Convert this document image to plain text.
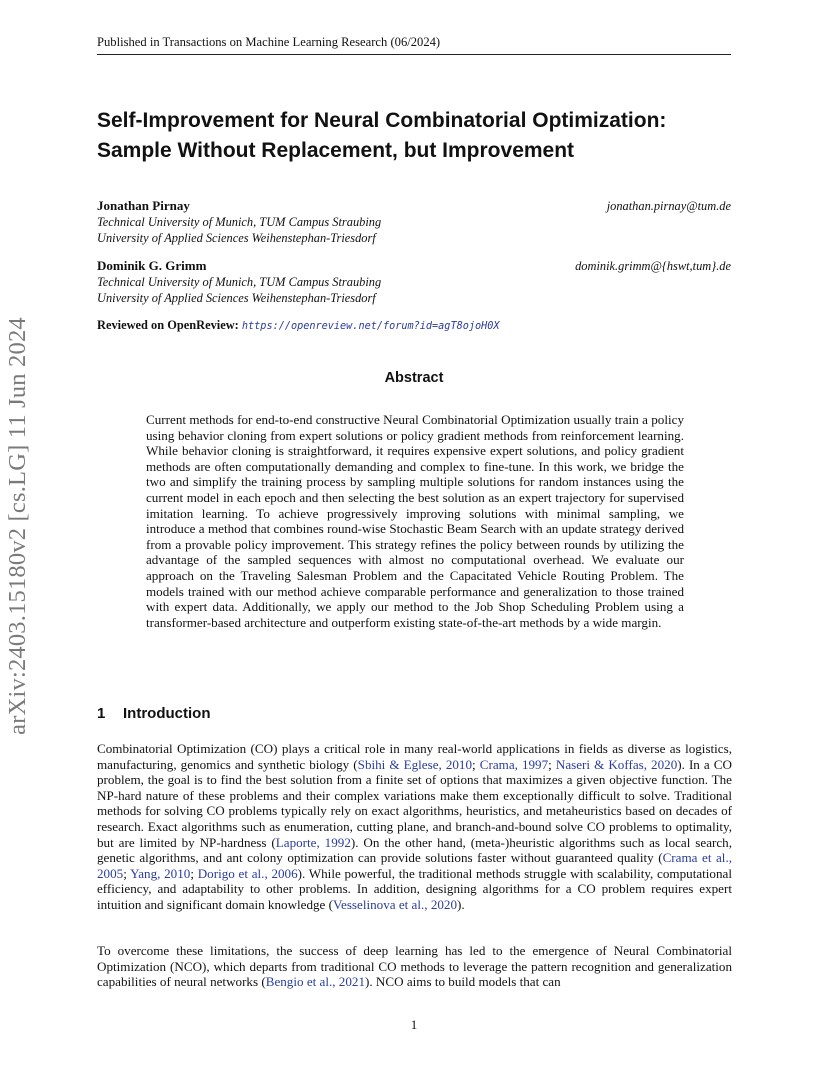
Published in Transactions on Machine Learning Research (06/2024)
arXiv:2403.15180v2 [cs.LG] 11 Jun 2024
Self-Improvement for Neural Combinatorial Optimization:
Sample Without Replacement, but Improvement
Jonathan Pirnay	jonathan.pirnay@tum.de
Technical University of Munich, TUM Campus Straubing
University of Applied Sciences Weihenstephan-Triesdorf
Dominik G. Grimm	dominik.grimm@{hswt,tum}.de
Technical University of Munich, TUM Campus Straubing
University of Applied Sciences Weihenstephan-Triesdorf
Reviewed on OpenReview: https://openreview.net/forum?id=agT8ojoH0X
Abstract
Current methods for end-to-end constructive Neural Combinatorial Optimization usually train a policy using behavior cloning from expert solutions or policy gradient methods from reinforcement learning. While behavior cloning is straightforward, it requires expensive expert solutions, and policy gradient methods are often computationally demanding and complex to fine-tune. In this work, we bridge the two and simplify the training process by sampling multiple solutions for random instances using the current model in each epoch and then selecting the best solution as an expert trajectory for supervised imitation learning. To achieve progressively improving solutions with minimal sampling, we introduce a method that combines round-wise Stochastic Beam Search with an update strategy derived from a provable policy improvement. This strategy refines the policy between rounds by utilizing the advantage of the sampled sequences with almost no computational overhead. We evaluate our approach on the Traveling Salesman Problem and the Capacitated Vehicle Routing Problem. The models trained with our method achieve comparable performance and generalization to those trained with expert data. Additionally, we apply our method to the Job Shop Scheduling Problem using a transformer-based architecture and outperform existing state-of-the-art methods by a wide margin.
1 Introduction
Combinatorial Optimization (CO) plays a critical role in many real-world applications in fields as diverse as logistics, manufacturing, genomics and synthetic biology (Sbihi & Eglese, 2010; Crama, 1997; Naseri & Koffas, 2020). In a CO problem, the goal is to find the best solution from a finite set of options that maximizes a given objective function. The NP-hard nature of these problems and their complex variations make them exceptionally difficult to solve. Traditional methods for solving CO problems typically rely on exact algorithms, heuristics, and metaheuristics based on decades of research. Exact algorithms such as enumeration, cutting plane, and branch-and-bound solve CO problems to optimality, but are limited by NP-hardness (Laporte, 1992). On the other hand, (meta-)heuristic algorithms such as local search, genetic algorithms, and ant colony optimization can provide solutions faster without guaranteed quality (Crama et al., 2005; Yang, 2010; Dorigo et al., 2006). While powerful, the traditional methods struggle with scalability, computational efficiency, and adaptability to other problems. In addition, designing algorithms for a CO problem requires expert intuition and significant domain knowledge (Vesselinova et al., 2020).
To overcome these limitations, the success of deep learning has led to the emergence of Neural Combinatorial Optimization (NCO), which departs from traditional CO methods to leverage the pattern recognition and generalization capabilities of neural networks (Bengio et al., 2021). NCO aims to build models that can
1
